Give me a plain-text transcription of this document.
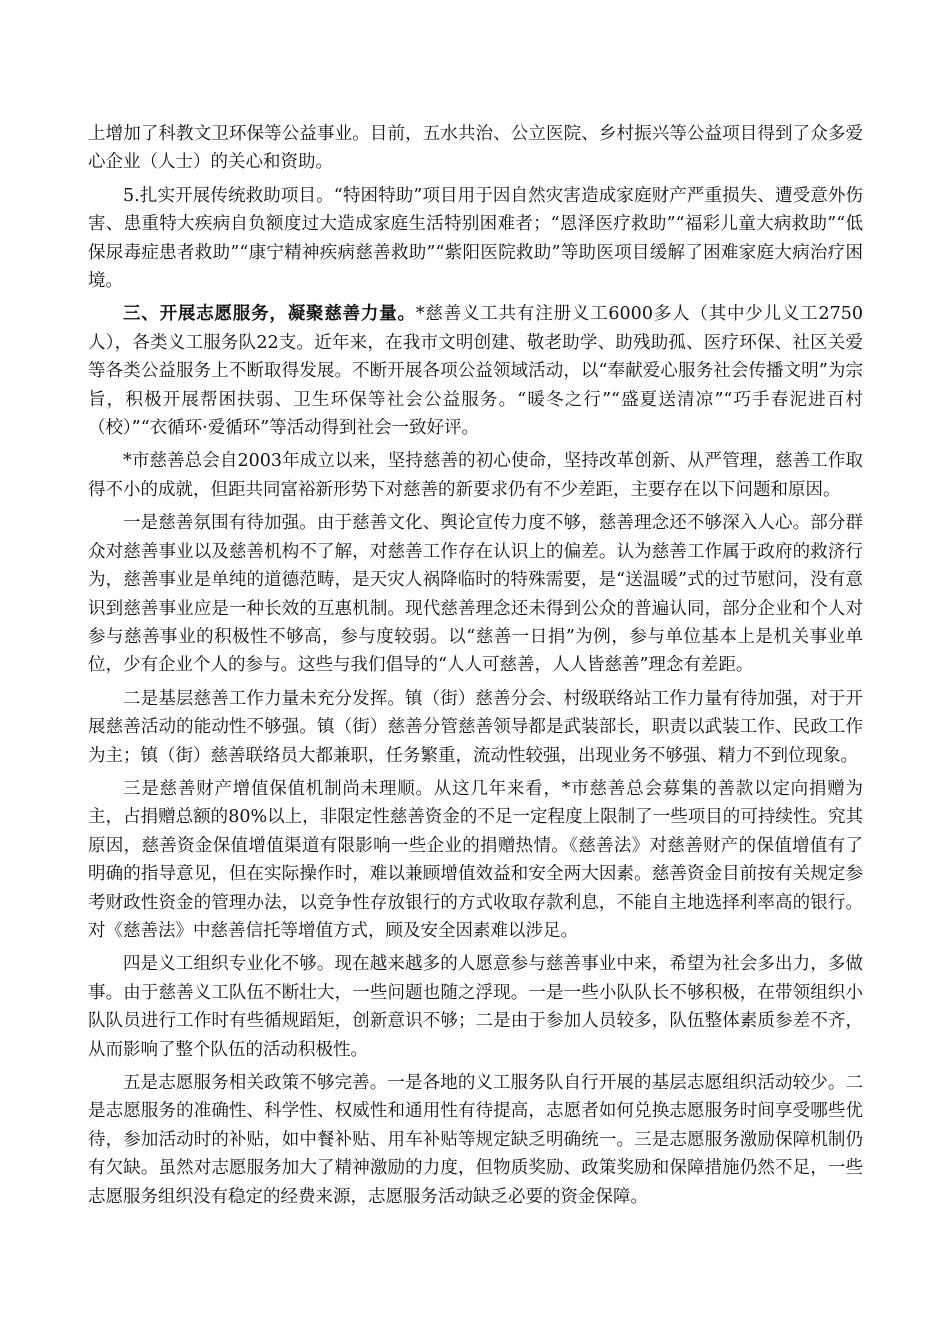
上增加了科教文卫环保等公益事业。目前，五水共治、公立医院、乡村振兴等公益项目得到了众多爱心企业（人士）的关心和资助。

5.扎实开展传统救助项目。“特困特助”项目用于因自然灾害造成家庭财产严重损失、遭受意外伤害、患重特大疾病自负额度过大造成家庭生活特别困难者；“恩泽医疗救助”“福彩儿童大病救助”“低保尿毒症患者救助”“康宁精神疾病慈善救助”“紫阳医院救助”等助医项目缓解了困难家庭大病治疗困境。

三、开展志愿服务，凝聚慈善力量。*慈善义工共有注册义工6000多人（其中少儿义工2750人），各类义工服务队22支。近年来，在我市文明创建、敬老助学、助残助孤、医疗环保、社区关爱等各类公益服务上不断取得发展。不断开展各项公益领域活动，以“奉献爱心服务社会传播文明”为宗旨，积极开展帮困扶弱、卫生环保等社会公益服务。“暖冬之行”“盛夏送清凉”“巧手春泥进百村（校）”“衣循环·爱循环”等活动得到社会一致好评。

*市慈善总会自2003年成立以来，坚持慈善的初心使命，坚持改革创新、从严管理，慈善工作取得不小的成就，但距共同富裕新形势下对慈善的新要求仍有不少差距，主要存在以下问题和原因。

一是慈善氛围有待加强。由于慈善文化、舆论宣传力度不够，慈善理念还不够深入人心。部分群众对慈善事业以及慈善机构不了解，对慈善工作存在认识上的偏差。认为慈善工作属于政府的救济行为，慈善事业是单纯的道德范畴，是天灾人祸降临时的特殊需要，是“送温暖”式的过节慰问，没有意识到慈善事业应是一种长效的互惠机制。现代慈善理念还未得到公众的普遍认同，部分企业和个人对参与慈善事业的积极性不够高，参与度较弱。以“慈善一日捐”为例，参与单位基本上是机关事业单位，少有企业个人的参与。这些与我们倡导的“人人可慈善，人人皆慈善”理念有差距。

二是基层慈善工作力量未充分发挥。镇（街）慈善分会、村级联络站工作力量有待加强，对于开展慈善活动的能动性不够强。镇（街）慈善分管慈善领导都是武装部长，职责以武装工作、民政工作为主；镇（街）慈善联络员大都兼职，任务繁重，流动性较强，出现业务不够强、精力不到位现象。

三是慈善财产增值保值机制尚未理顺。从这几年来看，*市慈善总会募集的善款以定向捐赠为主，占捐赠总额的80%以上，非限定性慈善资金的不足一定程度上限制了一些项目的可持续性。究其原因，慈善资金保值增值渠道有限影响一些企业的捐赠热情。《慈善法》对慈善财产的保值增值有了明确的指导意见，但在实际操作时，难以兼顾增值效益和安全两大因素。慈善资金目前按有关规定参考财政性资金的管理办法，以竞争性存放银行的方式收取存款利息，不能自主地选择利率高的银行。对《慈善法》中慈善信托等增值方式，顾及安全因素难以涉足。

四是义工组织专业化不够。现在越来越多的人愿意参与慈善事业中来，希望为社会多出力，多做事。由于慈善义工队伍不断壮大，一些问题也随之浮现。一是一些小队队长不够积极，在带领组织小队队员进行工作时有些循规蹈矩，创新意识不够；二是由于参加人员较多，队伍整体素质参差不齐，从而影响了整个队伍的活动积极性。

五是志愿服务相关政策不够完善。一是各地的义工服务队自行开展的基层志愿组织活动较少。二是志愿服务的准确性、科学性、权威性和通用性有待提高，志愿者如何兑换志愿服务时间享受哪些优待，参加活动时的补贴，如中餐补贴、用车补贴等规定缺乏明确统一。三是志愿服务激励保障机制仍有欠缺。虽然对志愿服务加大了精神激励的力度，但物质奖励、政策奖励和保障措施仍然不足，一些志愿服务组织没有稳定的经费来源，志愿服务活动缺乏必要的资金保障。
